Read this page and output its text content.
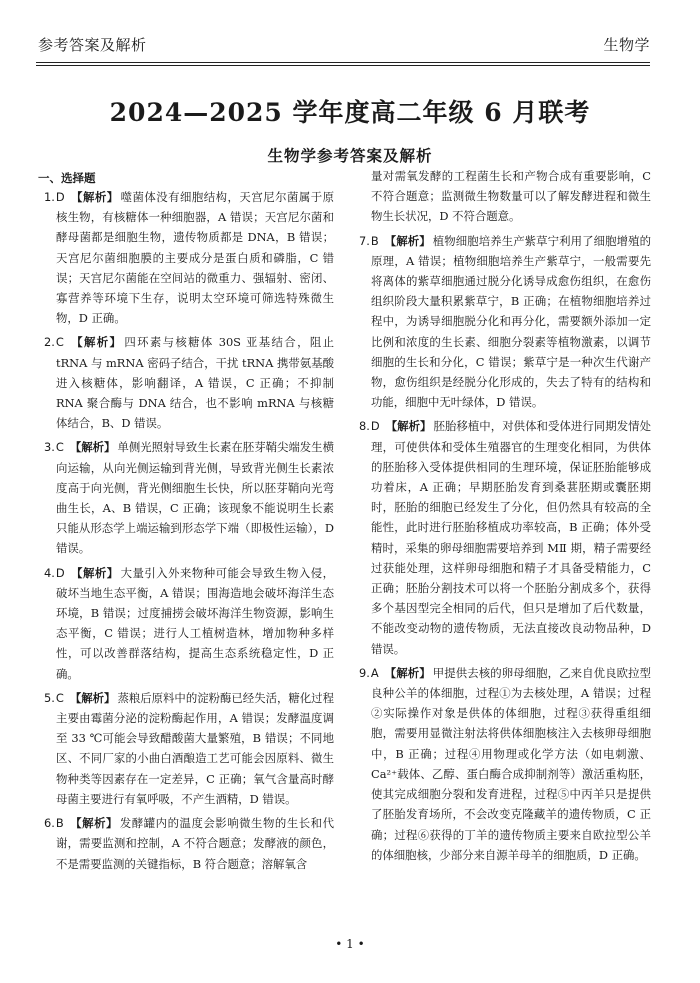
参考答案及解析	生物学
2024—2025 学年度高二年级 6 月联考
生物学参考答案及解析
一、选择题

1.D 【解析】 噬菌体没有细胞结构，天宫尼尔菌属于原核生物，有核糖体一种细胞器，A 错误；天宫尼尔菌和酵母菌都是细胞生物，遗传物质都是 DNA，B 错误；天宫尼尔菌细胞膜的主要成分是蛋白质和磷脂，C 错误；天宫尼尔菌能在空间站的微重力、强辐射、密闭、寡营养等环境下生存，说明太空环境可筛选特殊微生物，D 正确。

2.C 【解析】 四环素与核糖体 30S 亚基结合，阻止 tRNA 与 mRNA 密码子结合，干扰 tRNA 携带氨基酸进入核糖体，影响翻译，A 错误，C 正确；不抑制 RNA 聚合酶与 DNA 结合，也不影响 mRNA 与核糖体结合，B、D 错误。

3.C 【解析】 单侧光照射导致生长素在胚芽鞘尖端发生横向运输，从向光侧运输到背光侧，导致背光侧生长素浓度高于向光侧，背光侧细胞生长快，所以胚芽鞘向光弯曲生长，A、B 错误，C 正确；该现象不能说明生长素只能从形态学上端运输到形态学下端（即极性运输），D 错误。

4.D 【解析】 大量引入外来物种可能会导致生物入侵，破坏当地生态平衡，A 错误；围海造地会破坏海洋生态环境，B 错误；过度捕捞会破坏海洋生物资源，影响生态平衡，C 错误；进行人工植树造林，增加物种多样性，可以改善群落结构，提高生态系统稳定性，D 正确。

5.C 【解析】 蒸粮后原料中的淀粉酶已经失活，糖化过程主要由霉菌分泌的淀粉酶起作用，A 错误；发酵温度调至 33 ℃可能会导致醋酸菌大量繁殖，B 错误；不同地区、不同厂家的小曲白酒酿造工艺可能会因原料、微生物种类等因素存在一定差异，C 正确；氧气含量高时酵母菌主要进行有氧呼吸，不产生酒精，D 错误。

6.B 【解析】 发酵罐内的温度会影响微生物的生长和代谢，需要监测和控制，A 不符合题意；发酵液的颜色，不是需要监测的关键指标，B 符合题意；溶解氧含

量对需氧发酵的工程菌生长和产物合成有重要影响，C 不符合题意；监测微生物数量可以了解发酵进程和微生物生长状况，D 不符合题意。

7.B 【解析】 植物细胞培养生产紫草宁利用了细胞增殖的原理，A 错误；植物细胞培养生产紫草宁，一般需要先将离体的紫草细胞通过脱分化诱导成愈伤组织，在愈伤组织阶段大量积累紫草宁，B 正确；在植物细胞培养过程中，为诱导细胞脱分化和再分化，需要额外添加一定比例和浓度的生长素、细胞分裂素等植物激素，以调节细胞的生长和分化，C 错误；紫草宁是一种次生代谢产物，愈伤组织是经脱分化形成的，失去了特有的结构和功能，细胞中无叶绿体，D 错误。

8.D 【解析】 胚胎移植中，对供体和受体进行同期发情处理，可使供体和受体生殖器官的生理变化相同，为供体的胚胎移入受体提供相同的生理环境，保证胚胎能够成功着床，A 正确；早期胚胎发育到桑葚胚期或囊胚期时，胚胎的细胞已经发生了分化，但仍然具有较高的全能性，此时进行胚胎移植成功率较高，B 正确；体外受精时，采集的卵母细胞需要培养到 MⅡ 期，精子需要经过获能处理，这样卵母细胞和精子才具备受精能力，C 正确；胚胎分割技术可以将一个胚胎分割成多个，获得多个基因型完全相同的后代，但只是增加了后代数量，不能改变动物的遗传物质，无法直接改良动物品种，D 错误。

9.A 【解析】 甲提供去核的卵母细胞，乙来自优良欧拉型良种公羊的体细胞，过程①为去核处理，A 错误；过程②实际操作对象是供体的体细胞，过程③获得重组细胞，需要用显微注射法将供体细胞核注入去核卵母细胞中，B 正确；过程④用物理或化学方法（如电刺激、Ca²⁺载体、乙醇、蛋白酶合成抑制剂等）激活重构胚，使其完成细胞分裂和发育进程，过程⑤中丙羊只是提供了胚胎发育场所，不会改变克隆藏羊的遗传物质，C 正确；过程⑥获得的丁羊的遗传物质主要来自欧拉型公羊的体细胞核，少部分来自源羊母羊的细胞质，D 正确。

• 1 •
